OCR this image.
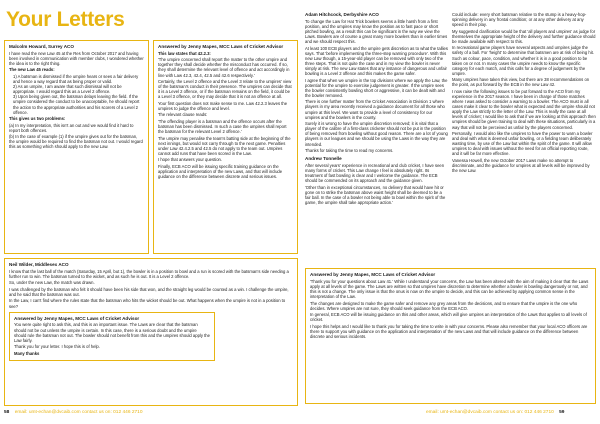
Your Letters
Malcolm Howard, Surrey ACO

I have read the new Law 45 at the Res from October 2017 and having been involved in communication with member clubs, I wondered whether the idea is to the right thing.

The new Law 45 reads:

1) A batsman is dismissed if the umpire hears or sees a fair delivery and hence a way regard that as being proper or valid.
2) As an umpire, I am aware that such dismissal will not be appropriate. I would regard this as a Level 2 offence.
3) Upon being given out, the batsman delays leaving the field. If the umpire considered the conduct to be unacceptable, he should report the action to the appropriate authorities and his scorers of a Level 2 offence.

This gives us two problems:

(a) In my interpretation, this isn't an out and we would find it hard to report both offences.

(b) In the case of example (1) if the umpire gives out for the batsman, the umpire would be required to find the batsman not out. I would regard this as something which should apply to the new Law.

Answered by Jenny Mapes, MCC Laws of Cricket Advisor

This law states that 42.2.3:

'The umpire concerned shall report the matter to the other umpire and together they shall decide whether the misconduct has occurred. If so, they shall determine the relevant level of offence and act accordingly in line with Law 42.3, 42.4, 42.5 and 42.6 respectively.'

Certainly, the Level 2 offence and the Level 3 relate to the umpires' view of the batsman's conduct in their presence. The umpires can decide that it is a Level 2 offence, or if the batsman remains on the field, it could be a Level 3 offence, or they may decide that it is not an offence at all.

Your first question does not make sense to me. Law 42.2.3 leaves the umpires to judge the offence and level.

The relevant clause reads:

'The offending player is a batsman and the offence occurs after the batsman has been dismissed. In such a case the umpires shall report the batsman for the relevant Level 2 offence.'

The umpire may penalise the team's batting side at the beginning of the next innings, but would not carry through to the next game. Penalties under Law 42.4.2.5 and 42.5 do not apply to the team out. Umpires cannot add runs that have been scored in the Law.

I hope that answers your question.

Finally, ECB ACO will be issuing specific training guidance on the application and interpretation of the new Laws, and that will include guidance on the difference between discrete and serious issues.

Neil Wilder, Middlesex ACO

I know that the last ball of the match (Saturday, 15 April, but 1), the bowler is in a position to bowl and a run is scored with the batsman's side needing a further run to win. The batsman turned to the wicket, and as such he is out. It is a Level 2 offence.

So, under the new Law, the match was drawn.

I was challenged by the batsman who felt it should have been his side that won, and the straight leg would be counted as a win. I challenge the umpire, and he said that the batsman was out.

In the Law, I can't find where the rules state that the batsman who hits the wicket should be out. What happens when the umpire is not in a position to see?

Answered by Jenny Mapes, MCC Laws of Cricket Advisor

You were quite right to ask this, and this is an important issue. The Laws are clear that the batsman should not be out unless the umpire is certain. In this case, there is a serious doubt and the umpire should rule the batsman not out. The bowler should not benefit from this and the umpires should apply the Law fairly.

Thank you for your letter. I hope this is of help.

Many thanks

Adam Hitchcock, Derbyshire ACO

To change the Law for Hat Trick bowlers seems a little harsh from a first position, and the umpires may know the position as to fast pace or short pitched bowling, as a result this can be significant in the way we view the Laws. Bowlers are of course a great many more bowlers than in earlier times and we should respect this.

At least 100 ECB players and the umpire gets discretion as to what the tallies says. That 'before implementing the three-step warning procedure'. With this new Law though, a 15-year-old player can be removed with only two of the three steps. That is not quite the case and in my view the bowler is never simply at risk. The new Law states that any instance of dangerous and unfair bowling is a Level 2 offence and this makes the game safer.

I agree that when we umpire in the top divisions where we apply the Law, the potential for the umpire to exercise judgement is greater. If the umpire sees the bowler consistently bowling short or aggressive, it can be dealt with and the bowler removed.

There is one further matter from the Cricket Association in Division 1 where players in my area recently received a guidance document for all those who umpire at this level. We want to provide a level of consistency for our umpires and the bowlers in the county.

Surely it is wrong to have the umpire discretion removed; it is vital that a player of the calibre of a first-class cricketer should not be put in the position of being removed from bowling without good reason. There are a lot of young players in our leagues and we should be using the Laws in the way they are intended.

Thanks for taking the time to read my concerns.

Andrew Tonnelle

After several years' experience in recreational and club cricket, I have seen many forms of cricket. This Law change I feel is absolutely right. Its treatment of fast bowling is clear and I welcome the guidance. The ECB should be commended on its approach and the guidance given.

'Other than in exceptional circumstances, no delivery that would have hit or gone on to strike the batsman above waist height shall be deemed to be a fair ball. In the case of a bowler not being able to bowl within the spirit of the game, the umpire shall take appropriate action.'

Could include: every short batsman relative to the stump is a heavy-hop-spinning delivery in any frontal condition; or at any other delivery at any speed in their play.

My suggested clarification would be that 'all players and umpires' as judge for themselves the appropriate height of the delivery and further guidance should be made available with respect to this.

In recreational game players have several aspects and umpires judge the safety of a ball. For 'height' to determine that batsmen are at risk of being hit. Such as colour, pace, condition, and whether it is in a good position to be taken on or not. In many cases the umpire needs to know the specific category for each match, and this calls for a degree of judgement by the umpire.

Many umpires have taken this view, but there are 38 recommendations on the point, as put forward by the ECB in the new Law 42.

I now raise the following issues to be put forward to the ACO from my experience in the 2017 season. I have been in charge of those matches where I was asked to consider a warning to a bowler. The ACO must in all cases make it clear to the bowler what is expected and the umpire should not apply the Law strictly to the letter of the Law. This is really the case at all levels of cricket; I would like to ask that if we are looking at this approach then umpires should be given training to deal with these situations, particularly in a way that will not be perceived as unfair by the players concerned.

Personally, I would also like the umpires to have the power to warn a bowler and deal with what is deemed unfair bowling, or a fielding team deliberately wasting time, by use of the Law but within the spirit of the game. It will allow umpires to deal with issues without the need for an official reporting route, and it will be far more effective.

Vanessa Howell, the new October 2017 Laws make no attempt to discriminate, and the guidance for umpires at all levels will be improved by the new Law.

Answered by Jenny Mapes, MCC Laws of Cricket Advisor

'Thank you for your questions about Law 41.' While I understand your concerns, the Law has been altered with the aim of making it clear that the Laws apply at all levels of the game. The Laws are written so that umpires have discretion to determine whether a bowler is bowling dangerously or not, and this is not a change. The only issue is that the onus is now on the umpire to decide, and this can be achieved by applying common sense in the interpretation of the Law.

The changes are designed to make the game safer and remove any grey areas from the decisions, and to ensure that the umpire is the one who decides. Where umpires are not sure, they should seek guidance from the ECB ACO.

In general, ECB ACO will be issuing guidance on this and other areas, which will give umpires an interpretation of the Laws that applies to all levels of cricket.

I hope this helps and I would like to thank you for taking the time to write in with your concerns. Please also remember that your local ACO officers are there to support you with guidance on the application and interpretation of the new Laws and that will include guidance on the difference between discrete and serious incidents.

58 email: umt-echan@dvcaib.com contact us on: 012 446 2710	email: umt-echan@dvcaib.com contact us on: 012 446 2710 59
